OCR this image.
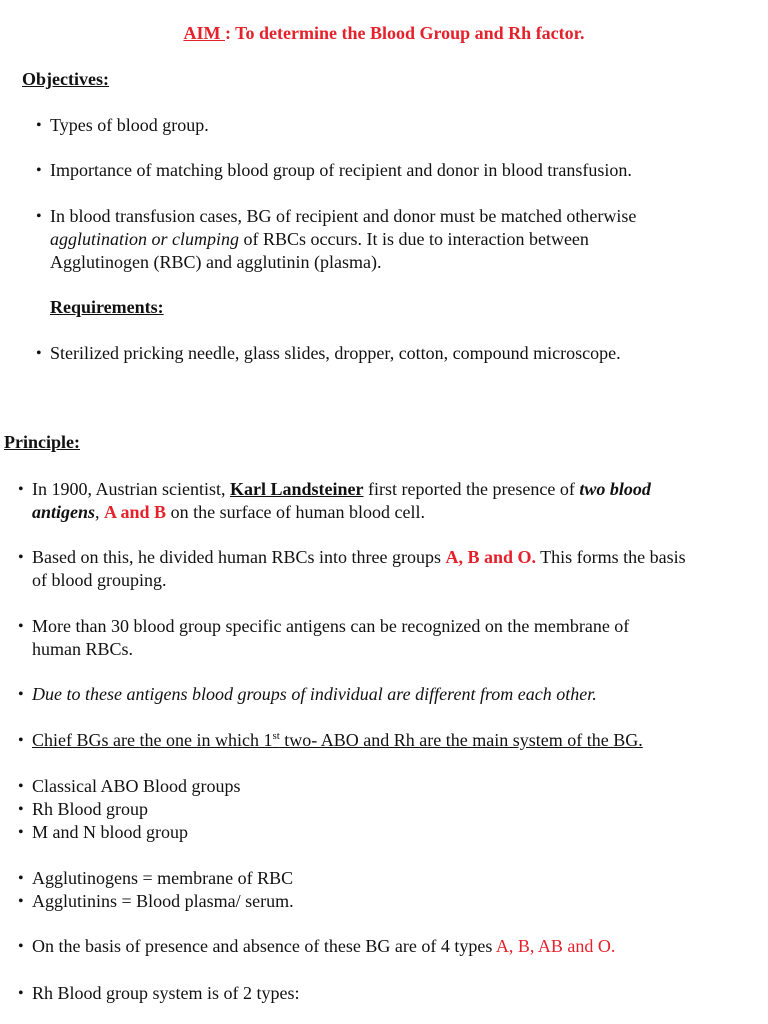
AIM : To determine the Blood Group and Rh factor.
Objectives:
• Types of blood group.
• Importance of matching blood group of recipient and donor in blood transfusion.
• In blood transfusion cases, BG of recipient and donor must be matched otherwise
agglutination or clumping of RBCs occurs. It is due to interaction between
Agglutinogen (RBC) and agglutinin (plasma).
Requirements:
• Sterilized pricking needle, glass slides, dropper, cotton, compound microscope.
Principle:
• In 1900, Austrian scientist, Karl Landsteiner first reported the presence of two blood
antigens, A and B on the surface of human blood cell.
• Based on this, he divided human RBCs into three groups A, B and O. This forms the basis
of blood grouping.
• More than 30 blood group specific antigens can be recognized on the membrane of
human RBCs.
• Due to these antigens blood groups of individual are different from each other.
• Chief BGs are the one in which 1st two- ABO and Rh are the main system of the BG.
• Classical ABO Blood groups
• Rh Blood group
• M and N blood group
• Agglutinogens = membrane of RBC
• Agglutinins = Blood plasma/ serum.
• On the basis of presence and absence of these BG are of 4 types A, B, AB and O.
• Rh Blood group system is of 2 types:
